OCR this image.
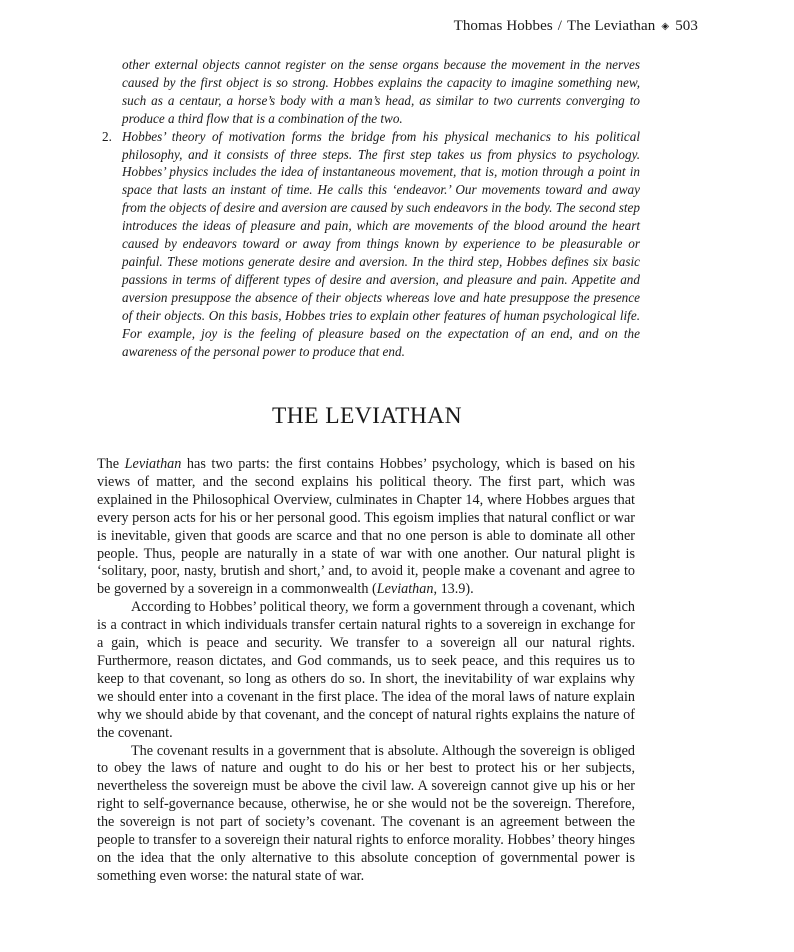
Thomas Hobbes / The Leviathan ◈ 503

other external objects cannot register on the sense organs because the movement in the nerves caused by the first object is so strong. Hobbes explains the capacity to imagine something new, such as a centaur, a horse’s body with a man’s head, as similar to two currents converging to produce a third flow that is a combination of the two.

2. Hobbes’ theory of motivation forms the bridge from his physical mechanics to his political philosophy, and it consists of three steps. The first step takes us from physics to psychology. Hobbes’ physics includes the idea of instantaneous movement, that is, motion through a point in space that lasts an instant of time. He calls this ‘endeavor.’ Our movements toward and away from the objects of desire and aversion are caused by such endeavors in the body. The second step introduces the ideas of pleasure and pain, which are movements of the blood around the heart caused by endeavors toward or away from things known by experience to be pleasurable or painful. These motions generate desire and aversion. In the third step, Hobbes defines six basic passions in terms of different types of desire and aversion, and pleasure and pain. Appetite and aversion presuppose the absence of their objects whereas love and hate presuppose the presence of their objects. On this basis, Hobbes tries to explain other features of human psychological life. For example, joy is the feeling of pleasure based on the expectation of an end, and on the awareness of the personal power to produce that end.

THE LEVIATHAN

The Leviathan has two parts: the first contains Hobbes’ psychology, which is based on his views of matter, and the second explains his political theory. The first part, which was explained in the Philosophical Overview, culminates in Chapter 14, where Hobbes argues that every person acts for his or her personal good. This egoism implies that natural conflict or war is inevitable, given that goods are scarce and that no one person is able to dominate all other people. Thus, people are naturally in a state of war with one another. Our natural plight is ‘solitary, poor, nasty, brutish and short,’ and, to avoid it, people make a covenant and agree to be governed by a sovereign in a commonwealth (Leviathan, 13.9).

According to Hobbes’ political theory, we form a government through a covenant, which is a contract in which individuals transfer certain natural rights to a sovereign in exchange for a gain, which is peace and security. We transfer to a sovereign all our natural rights. Furthermore, reason dictates, and God commands, us to seek peace, and this requires us to keep to that covenant, so long as others do so. In short, the inevitability of war explains why we should enter into a covenant in the first place. The idea of the moral laws of nature explain why we should abide by that covenant, and the concept of natural rights explains the nature of the covenant.

The covenant results in a government that is absolute. Although the sovereign is obliged to obey the laws of nature and ought to do his or her best to protect his or her subjects, nevertheless the sovereign must be above the civil law. A sovereign cannot give up his or her right to self-governance because, otherwise, he or she would not be the sovereign. Therefore, the sovereign is not part of society’s covenant. The covenant is an agreement between the people to transfer to a sovereign their natural rights to enforce morality. Hobbes’ theory hinges on the idea that the only alternative to this absolute conception of governmental power is something even worse: the natural state of war.
